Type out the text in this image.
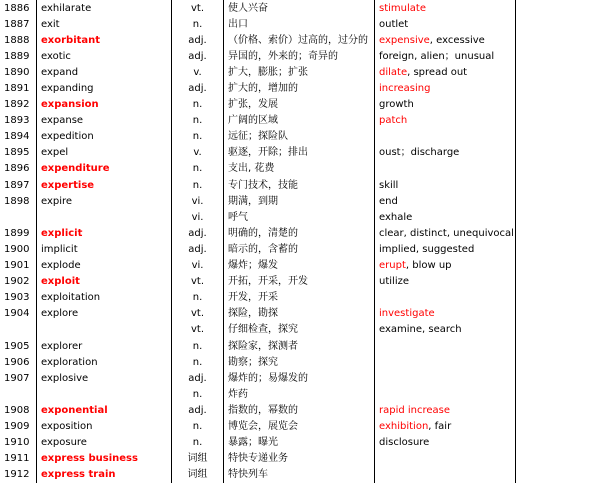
1886	exhilarate	vt.	使人兴奋	stimulate	
1887	exit	n.	出口	outlet	
1888	exorbitant	adj.	（价格、索价）过高的，过分的	expensive, excessive	
1889	exotic	adj.	异国的，外来的；奇异的	foreign, alien；unusual	
1890	expand	v.	扩大，膨胀；扩张	dilate, spread out	
1891	expanding	adj.	扩大的，增加的	increasing	
1892	expansion	n.	扩张，发展	growth	
1893	expanse	n.	广阔的区域	patch	
1894	expedition	n.	远征；探险队		
1895	expel	v.	驱逐，开除；排出	oust；discharge	
1896	expenditure	n.	支出, 花费		
1897	expertise	n.	专门技术，技能	skill	
1898	expire	vi.	期满，到期	end	
		vi.	呼气	exhale	
1899	explicit	adj.	明确的，清楚的	clear, distinct, unequivocal	
1900	implicit	adj.	暗示的，含蓄的	implied, suggested	
1901	explode	vi.	爆炸；爆发	erupt, blow up	
1902	exploit	vt.	开拓，开采，开发	utilize	
1903	exploitation	n.	开发，开采		
1904	explore	vt.	探险，勘探	investigate	
		vt.	仔细检查，探究	examine, search	
1905	explorer	n.	探险家，探测者		
1906	exploration	n.	勘察；探究		
1907	explosive	adj.	爆炸的；易爆发的		
		n.	炸药		
1908	exponential	adj.	指数的，幂数的	rapid increase	
1909	exposition	n.	博览会，展览会	exhibition, fair	
1910	exposure	n.	暴露；曝光	disclosure	
1911	express business	词组	特快专递业务		
1912	express train	词组	特快列车		
